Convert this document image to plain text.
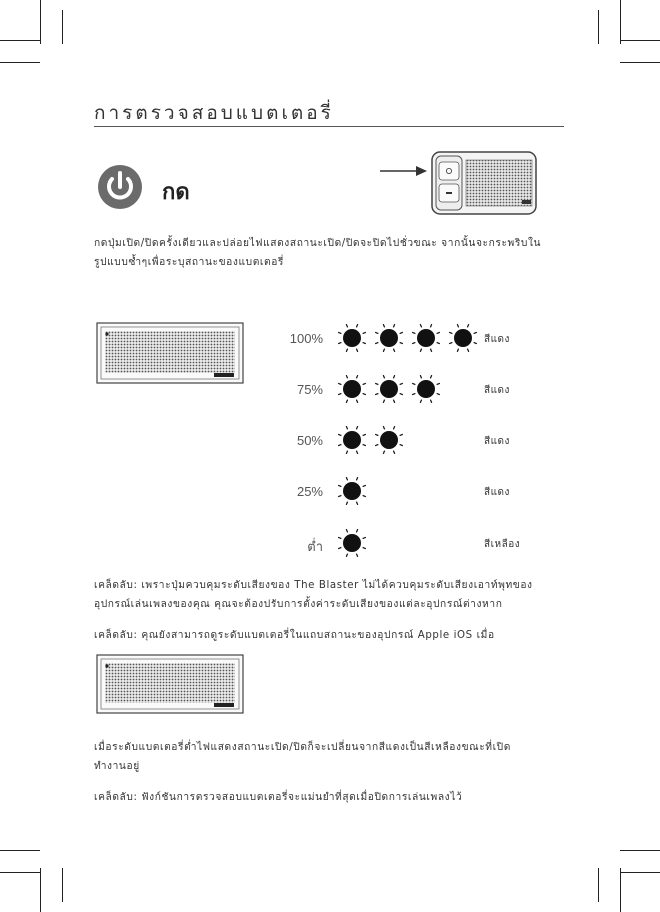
การตรวจสอบแบตเตอรี่
กด
กดปุ่มเปิด/ปิดครั้งเดียวและปล่อยไฟแสดงสถานะเปิด/ปิดจะปิดไปชั่วขณะ จากนั้นจะกระพริบใน
รูปแบบซ้ำๆเพื่อระบุสถานะของแบตเตอรี่
100%
75%
50%
25%
ต่ำ
สีแดง
สีแดง
สีแดง
สีแดง
สีเหลือง
เคล็ดลับ: เพราะปุ่มควบคุมระดับเสียงของ The Blaster ไม่ได้ควบคุมระดับเสียงเอาท์พุทของ
อุปกรณ์เล่นเพลงของคุณ คุณจะต้องปรับการตั้งค่าระดับเสียงของแต่ละอุปกรณ์ต่างหาก
เคล็ดลับ: คุณยังสามารถดูระดับแบตเตอรี่ในแถบสถานะของอุปกรณ์ Apple iOS เมื่อ
เมื่อระดับแบตเตอรี่ต่ำไฟแสดงสถานะเปิด/ปิดก็จะเปลี่ยนจากสีแดงเป็นสีเหลืองขณะที่เปิด
ทำงานอยู่
เคล็ดลับ: ฟังก์ชันการตรวจสอบแบตเตอรี่จะแม่นยำที่สุดเมื่อปิดการเล่นเพลงไว้
